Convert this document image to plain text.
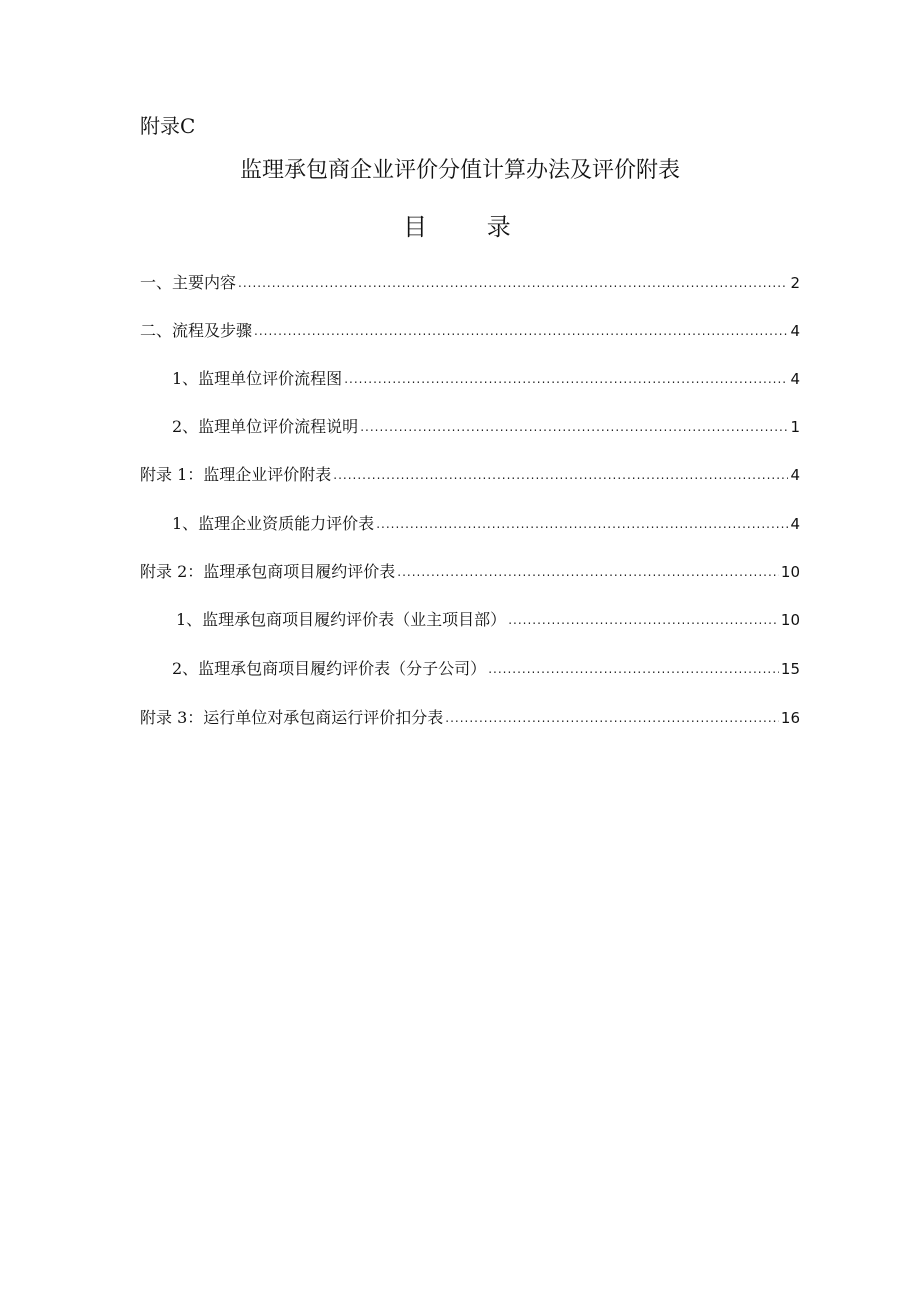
附录C
监理承包商企业评价分值计算办法及评价附表
目 录
一、主要内容 .....	2
二、流程及步骤 .....	4
1、监理单位评价流程图 .....	4
2、监理单位评价流程说明 .....	1
附录 1：监理企业评价附表 .....	4
1、监理企业资质能力评价表 .....	4
附录 2：监理承包商项目履约评价表 .....	10
1、监理承包商项目履约评价表（业主项目部） .....	10
2、监理承包商项目履约评价表（分子公司） .....	15
附录 3：运行单位对承包商运行评价扣分表 .....	16
